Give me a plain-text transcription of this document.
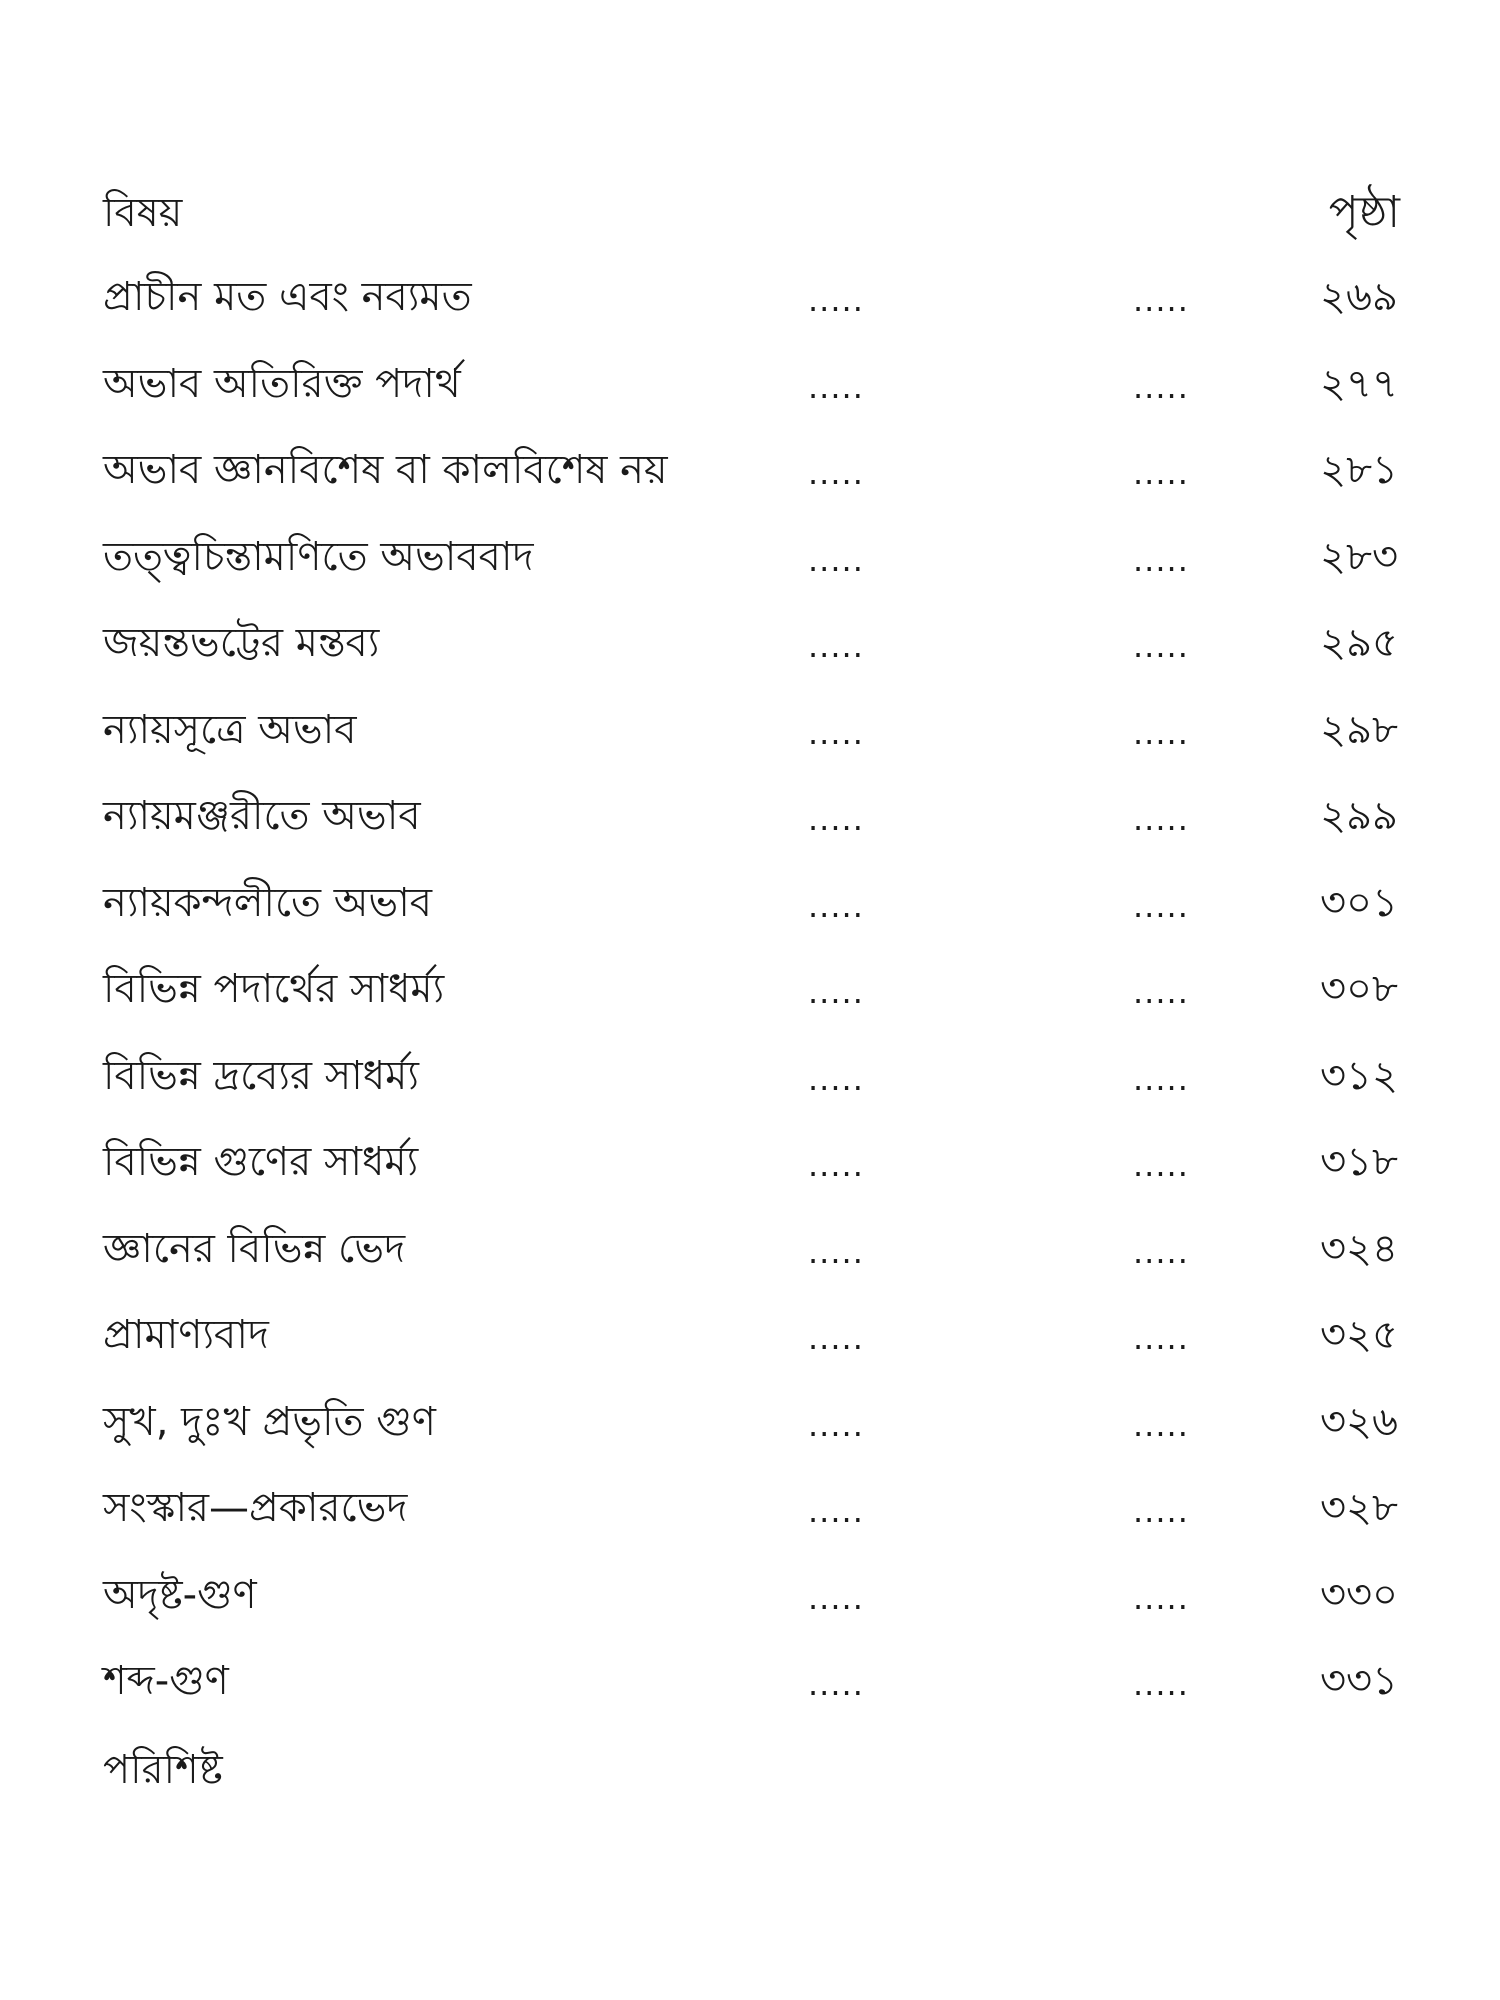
বিষয়	পৃষ্ঠা
প্রাচীন মত এবং নব্যমত	.....	.....	২৬৯
অভাব অতিরিক্ত পদার্থ	.....	.....	২৭৭
অভাব জ্ঞানবিশেষ বা কালবিশেষ নয়	.....	.....	২৮১
তত্ত্বচিন্তামণিতে অভাববাদ	.....	.....	২৮৩
জয়ন্তভট্টের মন্তব্য	.....	.....	২৯৫
ন্যায়সূত্রে অভাব	.....	.....	২৯৮
ন্যায়মঞ্জরীতে অভাব	.....	.....	২৯৯
ন্যায়কন্দলীতে অভাব	.....	.....	৩০১
বিভিন্ন পদার্থের সাধর্ম্য	.....	.....	৩০৮
বিভিন্ন দ্রব্যের সাধর্ম্য	.....	.....	৩১২
বিভিন্ন গুণের সাধর্ম্য	.....	.....	৩১৮
জ্ঞানের বিভিন্ন ভেদ	.....	.....	৩২৪
প্রামাণ্যবাদ	.....	.....	৩২৫
সুখ, দুঃখ প্রভৃতি গুণ	.....	.....	৩২৬
সংস্কার—প্রকারভেদ	.....	.....	৩২৮
অদৃষ্ট-গুণ	.....	.....	৩৩০
শব্দ-গুণ	.....	.....	৩৩১
পরিশিষ্ট
